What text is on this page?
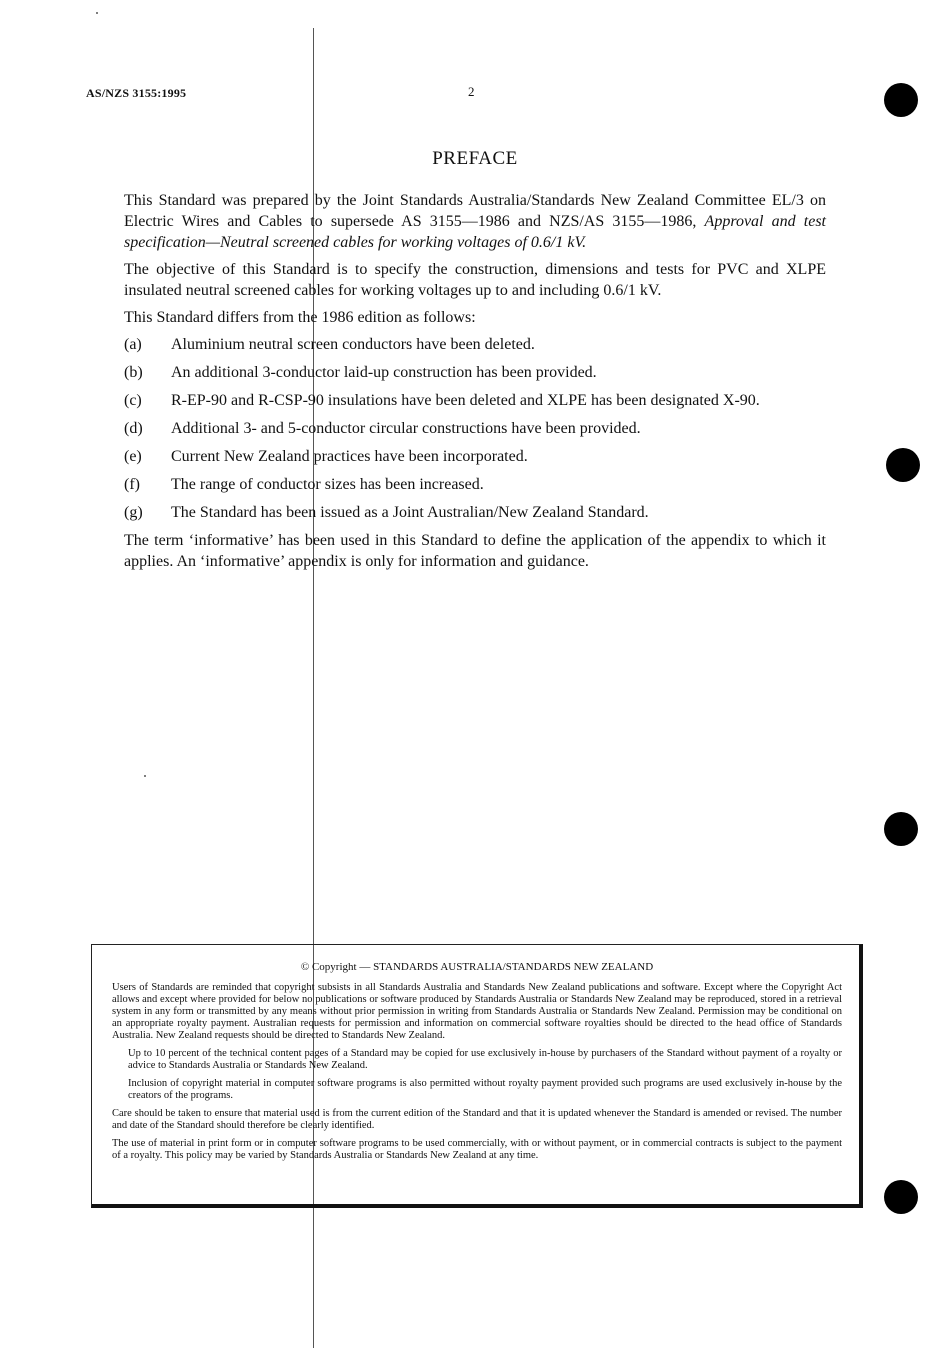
AS/NZS 3155:1995	2
PREFACE

This Standard was prepared by the Joint Standards Australia/Standards New Zealand Committee EL/3 on Electric Wires and Cables to supersede AS 3155—1986 and NZS/AS 3155—1986, Approval and test specification—Neutral screened cables for working voltages of 0.6/1 kV.

The objective of this Standard is to specify the construction, dimensions and tests for PVC and XLPE insulated neutral screened cables for working voltages up to and including 0.6/1 kV.

This Standard differs from the 1986 edition as follows:

(a)	Aluminium neutral screen conductors have been deleted.
(b)	An additional 3-conductor laid-up construction has been provided.
(c)	R-EP-90 and R-CSP-90 insulations have been deleted and XLPE has been designated X-90.
(d)	Additional 3- and 5-conductor circular constructions have been provided.
(e)	Current New Zealand practices have been incorporated.
(f)	The range of conductor sizes has been increased.
(g)	The Standard has been issued as a Joint Australian/New Zealand Standard.

The term ‘informative’ has been used in this Standard to define the application of the appendix to which it applies. An ‘informative’ appendix is only for information and guidance.

© Copyright — STANDARDS AUSTRALIA/STANDARDS NEW ZEALAND

Users of Standards are reminded that copyright subsists in all Standards Australia and Standards New Zealand publications and software. Except where the Copyright Act allows and except where provided for below no publications or software produced by Standards Australia or Standards New Zealand may be reproduced, stored in a retrieval system in any form or transmitted by any means without prior permission in writing from Standards Australia or Standards New Zealand. Permission may be conditional on an appropriate royalty payment. Australian requests for permission and information on commercial software royalties should be directed to the head office of Standards Australia. New Zealand requests should be directed to Standards New Zealand.

Up to 10 percent of the technical content pages of a Standard may be copied for use exclusively in-house by purchasers of the Standard without payment of a royalty or advice to Standards Australia or Standards New Zealand.

Inclusion of copyright material in computer software programs is also permitted without royalty payment provided such programs are used exclusively in-house by the creators of the programs.

Care should be taken to ensure that material used is from the current edition of the Standard and that it is updated whenever the Standard is amended or revised. The number and date of the Standard should therefore be clearly identified.

The use of material in print form or in computer software programs to be used commercially, with or without payment, or in commercial contracts is subject to the payment of a royalty. This policy may be varied by Standards Australia or Standards New Zealand at any time.
